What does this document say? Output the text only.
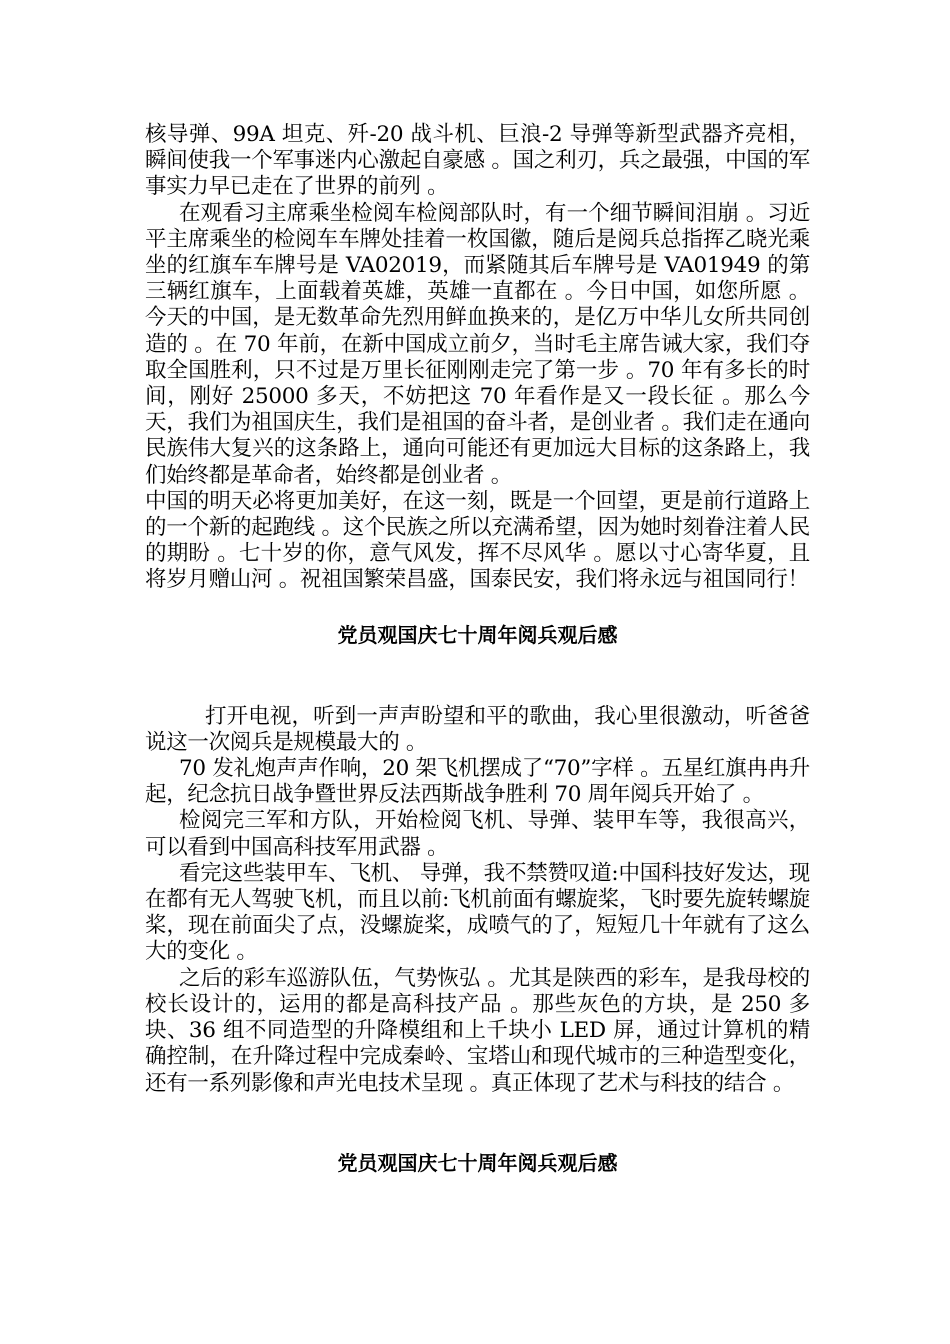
核导弹、99A 坦克、歼-20 战斗机、巨浪-2 导弹等新型武器齐亮相，瞬间使我一个军事迷内心激起自豪感 。国之利刃，兵之最强，中国的军事实力早已走在了世界的前列 。

在观看习主席乘坐检阅车检阅部队时，有一个细节瞬间泪崩 。习近平主席乘坐的检阅车车牌处挂着一枚国徽，随后是阅兵总指挥乙晓光乘坐的红旗车车牌号是 VA02019，而紧随其后车牌号是 VA01949 的第三辆红旗车，上面载着英雄，英雄一直都在 。今日中国，如您所愿 。今天的中国，是无数革命先烈用鲜血换来的，是亿万中华儿女所共同创造的 。在 70 年前，在新中国成立前夕，当时毛主席告诫大家，我们夺取全国胜利，只不过是万里长征刚刚走完了第一步 。70 年有多长的时间，刚好 25000 多天，不妨把这 70 年看作是又一段长征 。那么今天，我们为祖国庆生，我们是祖国的奋斗者，是创业者 。我们走在通向民族伟大复兴的这条路上，通向可能还有更加远大目标的这条路上，我们始终都是革命者，始终都是创业者 。

中国的明天必将更加美好，在这一刻，既是一个回望，更是前行道路上的一个新的起跑线 。这个民族之所以充满希望，因为她时刻眷注着人民的期盼 。七十岁的你，意气风发，挥不尽风华 。愿以寸心寄华夏，且将岁月赠山河 。祝祖国繁荣昌盛，国泰民安，我们将永远与祖国同行！

党员观国庆七十周年阅兵观后感

打开电视，听到一声声盼望和平的歌曲，我心里很激动，听爸爸说这一次阅兵是规模最大的 。

70 发礼炮声声作响，20 架飞机摆成了“70”字样 。五星红旗冉冉升起，纪念抗日战争暨世界反法西斯战争胜利 70 周年阅兵开始了 。

检阅完三军和方队，开始检阅飞机、导弹、装甲车等，我很高兴，可以看到中国高科技军用武器 。

看完这些装甲车、飞机、 导弹，我不禁赞叹道:中国科技好发达，现在都有无人驾驶飞机，而且以前:飞机前面有螺旋桨，飞时要先旋转螺旋桨，现在前面尖了点，没螺旋桨，成喷气的了，短短几十年就有了这么大的变化 。

之后的彩车巡游队伍，气势恢弘 。尤其是陕西的彩车，是我母校的校长设计的，运用的都是高科技产品 。那些灰色的方块，是 250 多块、36 组不同造型的升降模组和上千块小 LED 屏，通过计算机的精确控制，在升降过程中完成秦岭、宝塔山和现代城市的三种造型变化，还有一系列影像和声光电技术呈现 。真正体现了艺术与科技的结合 。

党员观国庆七十周年阅兵观后感
